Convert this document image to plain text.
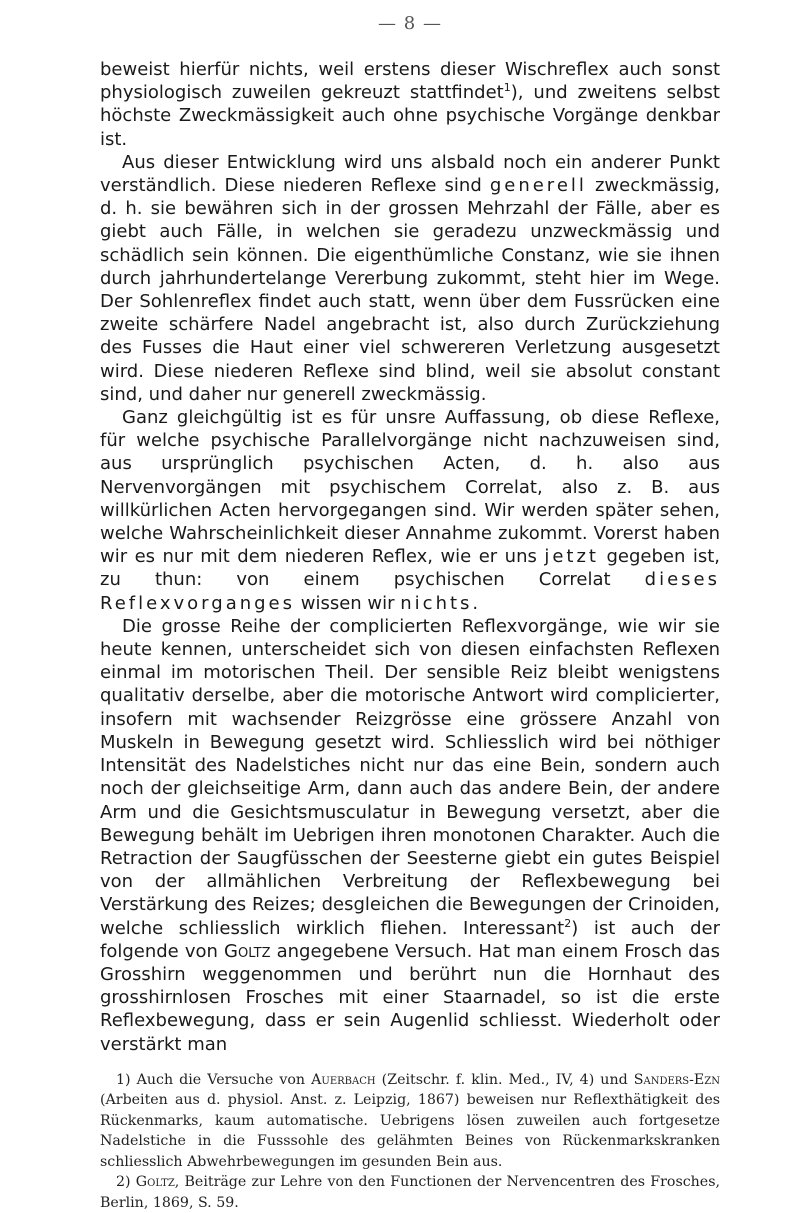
— 8 —

beweist hierfür nichts, weil erstens dieser Wischreflex auch sonst physiologisch zuweilen gekreuzt stattfindet$^1$), und zweitens selbst höchste Zweckmässigkeit auch ohne psychische Vorgänge denkbar ist.

Aus dieser Entwicklung wird uns alsbald noch ein anderer Punkt verständlich. Diese niederen Reflexe sind generell zweckmässig, d. h. sie bewähren sich in der grossen Mehrzahl der Fälle, aber es giebt auch Fälle, in welchen sie geradezu unzweckmässig und schädlich sein können. Die eigenthümliche Constanz, wie sie ihnen durch jahrhundertelange Vererbung zukommt, steht hier im Wege. Der Sohlenreflex findet auch statt, wenn über dem Fussrücken eine zweite schärfere Nadel angebracht ist, also durch Zurückziehung des Fusses die Haut einer viel schwereren Verletzung ausgesetzt wird. Diese niederen Reflexe sind blind, weil sie absolut constant sind, und daher nur generell zweckmässig.

Ganz gleichgültig ist es für unsre Auffassung, ob diese Reflexe, für welche psychische Parallelvorgänge nicht nachzuweisen sind, aus ursprünglich psychischen Acten, d. h. also aus Nervenvorgängen mit psychischem Correlat, also z. B. aus willkürlichen Acten hervorgegangen sind. Wir werden später sehen, welche Wahrscheinlichkeit dieser Annahme zukommt. Vorerst haben wir es nur mit dem niederen Reflex, wie er uns jetzt gegeben ist, zu thun: von einem psychischen Correlat dieses Reflexvorganges wissen wir nichts.

Die grosse Reihe der complicierten Reflexvorgänge, wie wir sie heute kennen, unterscheidet sich von diesen einfachsten Reflexen einmal im motorischen Theil. Der sensible Reiz bleibt wenigstens qualitativ derselbe, aber die motorische Antwort wird complicierter, insofern mit wachsender Reizgrösse eine grössere Anzahl von Muskeln in Bewegung gesetzt wird. Schliesslich wird bei nöthiger Intensität des Nadelstiches nicht nur das eine Bein, sondern auch noch der gleichseitige Arm, dann auch das andere Bein, der andere Arm und die Gesichtsmusculatur in Bewegung versetzt, aber die Bewegung behält im Uebrigen ihren monotonen Charakter. Auch die Retraction der Saugfüsschen der Seesterne giebt ein gutes Beispiel von der allmählichen Verbreitung der Reflexbewegung bei Verstärkung des Reizes; desgleichen die Bewegungen der Crinoiden, welche schliesslich wirklich fliehen. Interessant$^2$) ist auch der folgende von Goltz angegebene Versuch. Hat man einem Frosch das Grosshirn weggenommen und berührt nun die Hornhaut des grosshirnlosen Frosches mit einer Staarnadel, so ist die erste Reflexbewegung, dass er sein Augenlid schliesst. Wiederholt oder verstärkt man

1) Auch die Versuche von Auerbach (Zeitschr. f. klin. Med., IV, 4) und Sanders-Ezn (Arbeiten aus d. physiol. Anst. z. Leipzig, 1867) beweisen nur Reflexthätigkeit des Rückenmarks, kaum automatische. Uebrigens lösen zuweilen auch fortgesetze Nadelstiche in die Fusssohle des gelähmten Beines von Rückenmarkskranken schliesslich Abwehrbewegungen im gesunden Bein aus.

2) Goltz, Beiträge zur Lehre von den Functionen der Nervencentren des Frosches, Berlin, 1869, S. 59.
